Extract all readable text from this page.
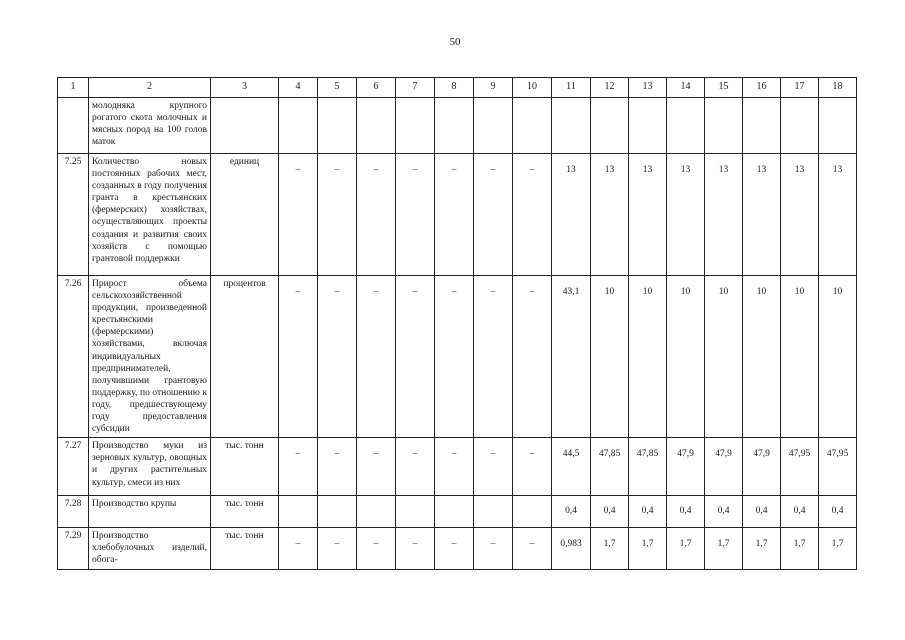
50
1	2	3	4	5	6	7	8	9	10	11	12	13	14	15	16	17	18
	молодняка крупного рогатого скота молочных и мясных пород на 100 голов маток																
7.25	Количество новых постоянных рабочих мест, созданных в году получения гранта в крестьянских (фермерских) хозяйствах, осуществляющих проекты создания и развития своих хозяйств с помощью грантовой поддержки	единиц	–	–	–	–	–	–	–	13	13	13	13	13	13	13	13
7.26	Прирост объема сельскохозяйственной продукции, произведенной крестьянскими (фермерскими) хозяйствами, включая индивидуальных предпринимателей, получившими грантовую поддержку, по отношению к году, предшествующему году предоставления субсидии	процентов	–	–	–	–	–	–	–	43,1	10	10	10	10	10	10	10
7.27	Производство муки из зерновых культур, овощных и других растительных культур, смеси из них	тыс. тонн	–	–	–	–	–	–	–	44,5	47,85	47,85	47,9	47,9	47,9	47,95	47,95
7.28	Производство крупы	тыс. тонн								0,4	0,4	0,4	0,4	0,4	0,4	0,4	0,4
7.29	Производство хлебобулочных изделий, обога-	тыс. тонн	–	–	–	–	–	–	–	0,983	1,7	1,7	1,7	1,7	1,7	1,7	1,7
